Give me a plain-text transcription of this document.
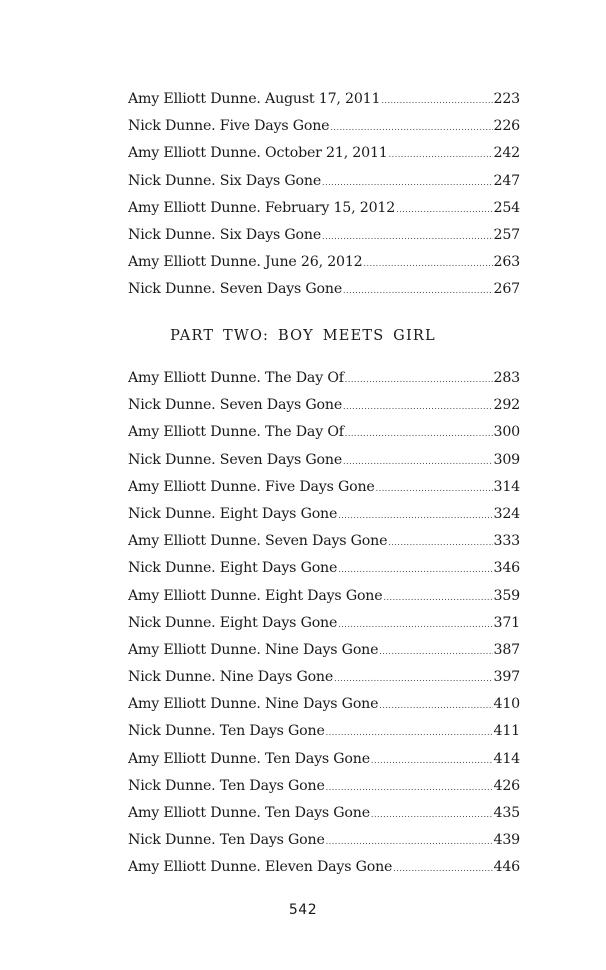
Amy Elliott Dunne. August 17, 2011 .....	223
Nick Dunne. Five Days Gone .....	226
Amy Elliott Dunne. October 21, 2011 .....	242
Nick Dunne. Six Days Gone .....	247
Amy Elliott Dunne. February 15, 2012 .....	254
Nick Dunne. Six Days Gone .....	257
Amy Elliott Dunne. June 26, 2012 .....	263
Nick Dunne. Seven Days Gone .....	267
PART TWO: BOY MEETS GIRL
Amy Elliott Dunne. The Day Of .....	283
Nick Dunne. Seven Days Gone .....	292
Amy Elliott Dunne. The Day Of .....	300
Nick Dunne. Seven Days Gone .....	309
Amy Elliott Dunne. Five Days Gone .....	314
Nick Dunne. Eight Days Gone .....	324
Amy Elliott Dunne. Seven Days Gone .....	333
Nick Dunne. Eight Days Gone .....	346
Amy Elliott Dunne. Eight Days Gone .....	359
Nick Dunne. Eight Days Gone .....	371
Amy Elliott Dunne. Nine Days Gone .....	387
Nick Dunne. Nine Days Gone .....	397
Amy Elliott Dunne. Nine Days Gone .....	410
Nick Dunne. Ten Days Gone .....	411
Amy Elliott Dunne. Ten Days Gone .....	414
Nick Dunne. Ten Days Gone .....	426
Amy Elliott Dunne. Ten Days Gone .....	435
Nick Dunne. Ten Days Gone .....	439
Amy Elliott Dunne. Eleven Days Gone .....	446
542
